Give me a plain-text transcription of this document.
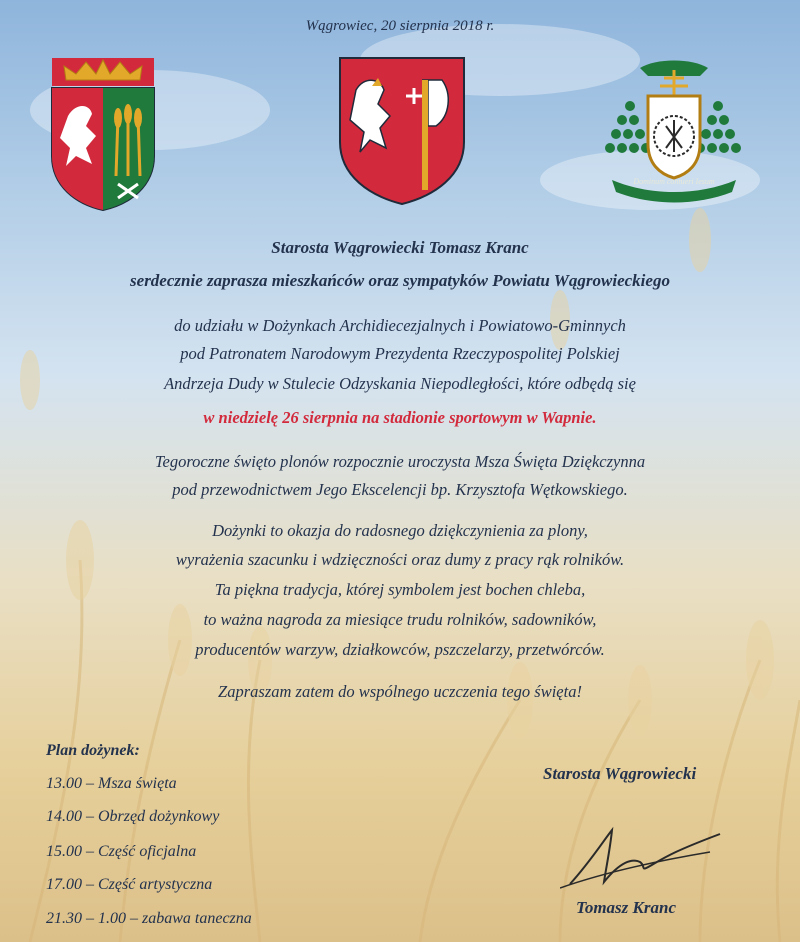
Wągrowiec, 20 sierpnia 2018 r.
Dominum contueri Iesum
Starosta Wągrowiecki Tomasz Kranc
serdecznie zaprasza mieszkańców oraz sympatyków Powiatu Wągrowieckiego
do udziału w Dożynkach Archidiecezjalnych i Powiatowo-Gminnych
pod Patronatem Narodowym Prezydenta Rzeczypospolitej Polskiej
Andrzeja Dudy w Stulecie Odzyskania Niepodległości, które odbędą się
w niedzielę 26 sierpnia na stadionie sportowym w Wapnie.
Tegoroczne święto plonów rozpocznie uroczysta Msza Święta Dziękczynna
pod przewodnictwem Jego Ekscelencji bp. Krzysztofa Wętkowskiego.
Dożynki to okazja do radosnego dziękczynienia za plony,
wyrażenia szacunku i wdzięczności oraz dumy z pracy rąk rolników.
Ta piękna tradycja, której symbolem jest bochen chleba,
to ważna nagroda za miesiące trudu rolników, sadowników,
producentów warzyw, działkowców, pszczelarzy, przetwórców.
Zapraszam zatem do wspólnego uczczenia tego święta!
Plan dożynek:
13.00 – Msza święta
14.00 – Obrzęd dożynkowy
15.00 – Część oficjalna
17.00 – Część artystyczna
21.30 – 1.00 – zabawa taneczna
Starosta Wągrowiecki
Tomasz Kranc
